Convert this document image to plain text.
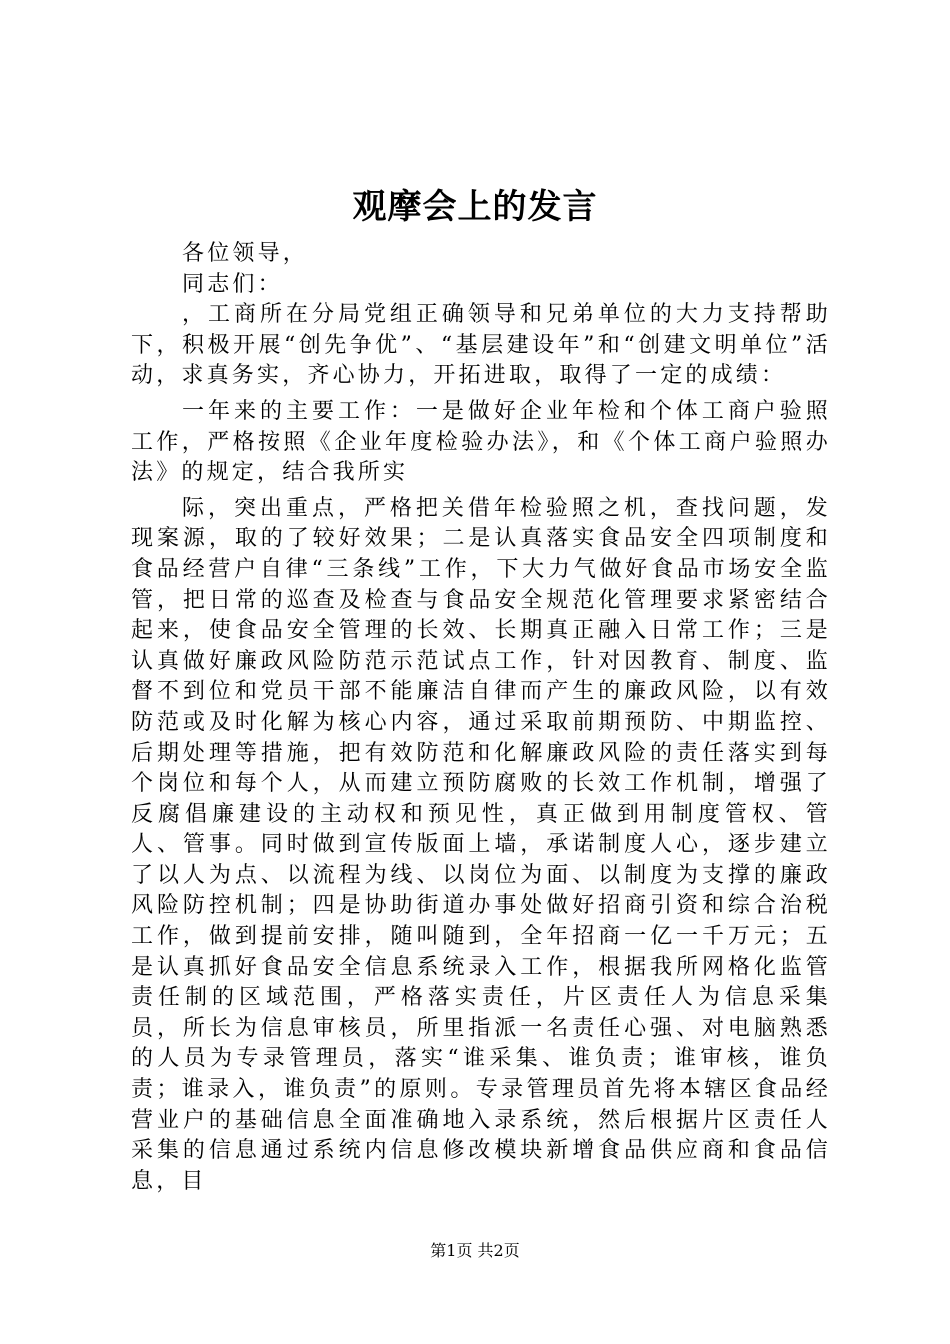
观摩会上的发言

各位领导，

同志们：

，工商所在分局党组正确领导和兄弟单位的大力支持帮助下，积极开展“创先争优”、“基层建设年”和“创建文明单位”活动，求真务实，齐心协力，开拓进取，取得了一定的成绩：

一年来的主要工作：一是做好企业年检和个体工商户验照工作，严格按照《企业年度检验办法》，和《个体工商户验照办法》的规定，结合我所实

际，突出重点，严格把关借年检验照之机，查找问题，发现案源，取的了较好效果；二是认真落实食品安全四项制度和食品经营户自律“三条线”工作，下大力气做好食品市场安全监管，把日常的巡查及检查与食品安全规范化管理要求紧密结合起来，使食品安全管理的长效、长期真正融入日常工作；三是认真做好廉政风险防范示范试点工作，针对因教育、制度、监督不到位和党员干部不能廉洁自律而产生的廉政风险，以有效防范或及时化解为核心内容，通过采取前期预防、中期监控、后期处理等措施，把有效防范和化解廉政风险的责任落实到每个岗位和每个人，从而建立预防腐败的长效工作机制，增强了反腐倡廉建设的主动权和预见性，真正做到用制度管权、管人、管事。同时做到宣传版面上墙，承诺制度人心，逐步建立了以人为点、以流程为线、以岗位为面、以制度为支撑的廉政风险防控机制；四是协助街道办事处做好招商引资和综合治税工作，做到提前安排，随叫随到，全年招商一亿一千万元；五是认真抓好食品安全信息系统录入工作，根据我所网格化监管责任制的区域范围，严格落实责任，片区责任人为信息采集员，所长为信息审核员，所里指派一名责任心强、对电脑熟悉的人员为专录管理员，落实“谁采集、谁负责；谁审核，谁负责；谁录入，谁负责”的原则。专录管理员首先将本辖区食品经营业户的基础信息全面准确地入录系统，然后根据片区责任人采集的信息通过系统内信息修改模块新增食品供应商和食品信息，目

第1页 共2页
